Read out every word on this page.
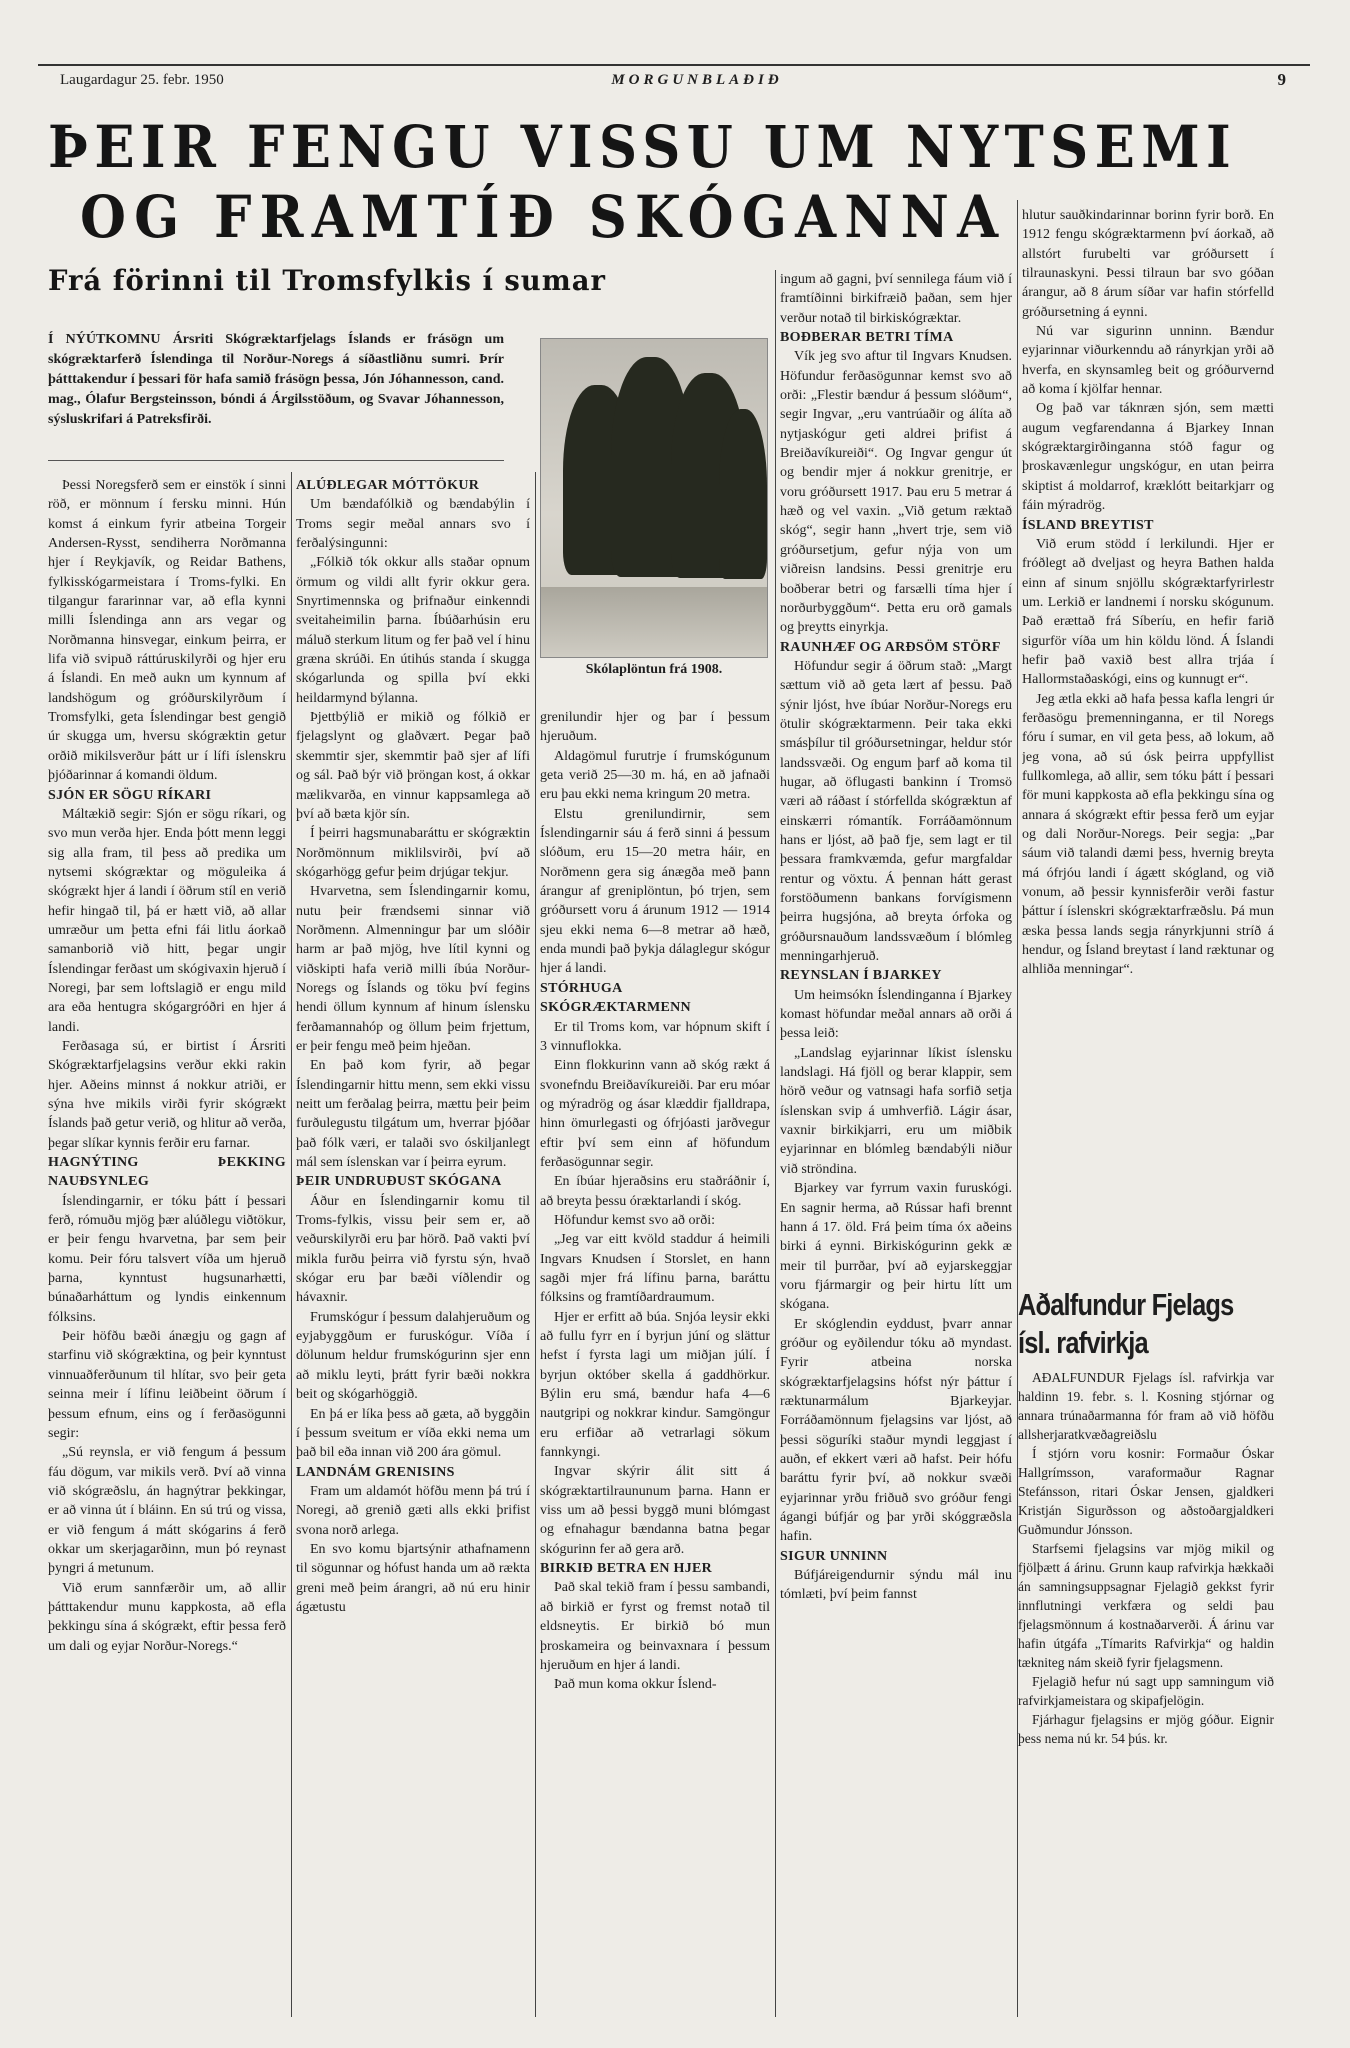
Laugardagur 25. febr. 1950	MORGUNBLAÐIÐ	9
ÞEIR FENGU VISSU UM NYTSEMI
OG FRAMTÍÐ SKÓGANNA
Frá förinni til Tromsfylkis í sumar
Í NÝÚTKOMNU Ársriti Skógræktarfjelags Íslands er frásögn um skógræktarferð Íslendinga til Norður-Noregs á síðastliðnu sumri. Þrír þátttakendur í þessari för hafa samið frásögn þessa, Jón Jóhannesson, cand. mag., Ólafur Bergsteinsson, bóndi á Árgilsstöðum, og Svavar Jóhannesson, sýsluskrifari á Patreksfirði.
Skólaplöntun frá 1908.

Þessi Noregsferð sem er einstök í sinni röð, er mönnum í fersku minni. Hún komst á einkum fyrir atbeina Torgeir Andersen-Rysst, sendiherra Norðmanna hjer í Reykjavík, og Reidar Bathens, fylkisskógarmeistara í Troms-fylki. En tilgangur fararinnar var, að efla kynni milli Íslendinga ann ars vegar og Norðmanna hinsvegar, einkum þeirra, er lifa við svipuð ráttúruskilyrði og hjer eru á Íslandi. En með aukn um kynnum af landshögum og gróðurskilyrðum í Tromsfylki, geta Íslendingar best gengið úr skugga um, hversu skógræktin getur orðið mikilsverður þátt ur í lífi íslenskru þjóðarinnar á komandi öldum.

SJÓN ER SÖGU RÍKARI

Máltækið segir: Sjón er sögu ríkari, og svo mun verða hjer. Enda þótt menn leggi sig alla fram, til þess að predika um nytsemi skógræktar og möguleika á skógrækt hjer á landi í öðrum stíl en verið hefir hingað til, þá er hætt við, að allar umræður um þetta efni fái litlu áorkað samanborið við hitt, þegar ungir Íslendingar ferðast um skógivaxin hjeruð í Noregi, þar sem loftslagið er engu mild ara eða hentugra skógargróðri en hjer á landi.

Ferðasaga sú, er birtist í Ársriti Skógræktarfjelagsins verður ekki rakin hjer. Aðeins minnst á nokkur atriði, er sýna hve mikils virði fyrir skógrækt Íslands það getur verið, og hlitur að verða, þegar slíkar kynnis ferðir eru farnar.

HAGNÝTING ÞEKKING NAUÐSYNLEG

Íslendingarnir, er tóku þátt í þessari ferð, rómuðu mjög þær alúðlegu viðtökur, er þeir fengu hvarvetna, þar sem þeir komu. Þeir fóru talsvert víða um hjeruð þarna, kynntust hugsunarhætti, búnaðarháttum og lyndis einkennum fólksins.

Þeir höfðu bæði ánægju og gagn af starfinu við skógræktina, og þeir kynntust vinnuaðferðunum til hlítar, svo þeir geta seinna meir í lífinu leiðbeint öðrum í þessum efnum, eins og í ferðasögunni segir:

„Sú reynsla, er við fengum á þessum fáu dögum, var mikils verð. Því að vinna við skógræðslu, án hagnýtrar þekkingar, er að vinna út í bláinn. En sú trú og vissa, er við fengum á mátt skógarins á ferð okkar um skerjagarðinn, mun þó reynast þyngri á metunum.

Við erum sannfærðir um, að allir þátttakendur munu kappkosta, að efla þekkingu sína á skógrækt, eftir þessa ferð um dali og eyjar Norður-Noregs.“

ALÚÐLEGAR MÓTTÖKUR

Um bændafólkið og bændabýlin í Troms segir meðal annars svo í ferðalýsingunni:

„Fólkið tók okkur alls staðar opnum örmum og vildi allt fyrir okkur gera. Snyrtimennska og þrifnaður einkenndi sveitaheimilin þarna. Íbúðarhúsin eru máluð sterkum litum og fer það vel í hinu græna skrúði. En útihús standa í skugga skógarlunda og spilla því ekki heildarmynd býlanna.

Þjettbýlið er mikið og fólkið er fjelagslynt og glaðvært. Þegar það skemmtir sjer, skemmtir það sjer af lífi og sál. Það býr við þröngan kost, á okkar mælikvarða, en vinnur kappsamlega að því að bæta kjör sín.

Í þeirri hagsmunabaráttu er skógræktin Norðmönnum miklilsvirði, því að skógarhögg gefur þeim drjúgar tekjur.

Hvarvetna, sem Íslendingarnir komu, nutu þeir frændsemi sinnar við Norðmenn. Almenningur þar um slóðir harm ar það mjög, hve lítil kynni og viðskipti hafa verið milli íbúa Norður-Noregs og Íslands og töku því fegins hendi öllum kynnum af hinum íslensku ferðamannahóp og öllum þeim frjettum, er þeir fengu með þeim hjeðan.

En það kom fyrir, að þegar Íslendingarnir hittu menn, sem ekki vissu neitt um ferðalag þeirra, mættu þeir þeim furðulegustu tilgátum um, hverrar þjóðar það fólk væri, er talaði svo óskiljanlegt mál sem íslenskan var í þeirra eyrum.

ÞEIR UNDRUÐUST SKÓGANA

Áður en Íslendingarnir komu til Troms-fylkis, vissu þeir sem er, að veðurskilyrði eru þar hörð. Það vakti því mikla furðu þeirra við fyrstu sýn, hvað skógar eru þar bæði víðlendir og hávaxnir.

Frumskógur í þessum dalahjeruðum og eyjabyggðum er furuskógur. Víða í dölunum heldur frumskógurinn sjer enn að miklu leyti, þrátt fyrir bæði nokkra beit og skógarhöggið.

En þá er líka þess að gæta, að byggðin í þessum sveitum er víða ekki nema um það bil eða innan við 200 ára gömul.

LANDNÁM GRENISINS

Fram um aldamót höfðu menn þá trú í Noregi, að grenið gæti alls ekki þrifist svona norð arlega.

En svo komu bjartsýnir athafnamenn til sögunnar og hófust handa um að rækta greni með þeim árangri, að nú eru hinir ágætustu

grenilundir hjer og þar í þessum hjeruðum.

Aldagömul furutrje í frumskógunum geta verið 25—30 m. há, en að jafnaði eru þau ekki nema kringum 20 metra.

Elstu grenilundirnir, sem Íslendingarnir sáu á ferð sinni á þessum slóðum, eru 15—20 metra háir, en Norðmenn gera sig ánægða með þann árangur af greniplöntun, þó trjen, sem gróðursett voru á árunum 1912 — 1914 sjeu ekki nema 6—8 metrar að hæð, enda mundi það þykja dálaglegur skógur hjer á landi.

STÓRHUGA SKÓGRÆKTARMENN

Er til Troms kom, var hópnum skift í 3 vinnuflokka.

Einn flokkurinn vann að skóg rækt á svonefndu Breiðavíkureiði. Þar eru móar og mýradrög og ásar klæddir fjalldrapa, hinn ömurlegasti og ófrjóasti jarðvegur eftir því sem einn af höfundum ferðasögunnar segir.

En íbúar hjeraðsins eru staðráðnir í, að breyta þessu óræktarlandi í skóg.

Höfundur kemst svo að orði:

„Jeg var eitt kvöld staddur á heimili Ingvars Knudsen í Storslet, en hann sagði mjer frá lífinu þarna, baráttu fólksins og framtíðardraumum.

Hjer er erfitt að búa. Snjóa leysir ekki að fullu fyrr en í byrjun júní og slättur hefst í fyrsta lagi um miðjan júlí. Í byrjun október skella á gaddhörkur. Býlin eru smá, bændur hafa 4—6 nautgripi og nokkrar kindur. Samgöngur eru erfiðar að vetrarlagi sökum fannkyngi.

Ingvar skýrir álit sitt á skógræktartilraununum þarna. Hann er viss um að þessi byggð muni blómgast og efnahagur bændanna batna þegar skógurinn fer að gera arð.

BIRKIÐ BETRA EN HJER

Það skal tekið fram í þessu sambandi, að birkið er fyrst og fremst notað til eldsneytis. Er birkið bó mun þroskameira og beinvaxnara í þessum hjeruðum en hjer á landi.

Það mun koma okkur Íslend-

ingum að gagni, því sennilega fáum við í framtíðinni birkifræið þaðan, sem hjer verður notað til birkiskógræktar.

BOÐBERAR BETRI TÍMA

Vík jeg svo aftur til Ingvars Knudsen. Höfundur ferðasögunnar kemst svo að orði: „Flestir bændur á þessum slóðum“, segir Ingvar, „eru vantrúaðir og álíta að nytjaskógur geti aldrei þrifist á Breiðavíkureiði“. Og Ingvar gengur út og bendir mjer á nokkur grenitrje, er voru gróðursett 1917. Þau eru 5 metrar á hæð og vel vaxin. „Við getum ræktað skóg“, segir hann „hvert trje, sem við gróðursetjum, gefur nýja von um viðreisn landsins. Þessi grenitrje eru boðberar betri og farsælli tíma hjer í norðurbyggðum“. Þetta eru orð gamals og þreytts einyrkja.

RAUNHÆF OG ARÐSÖM STÖRF

Höfundur segir á öðrum stað: „Margt sættum við að geta lært af þessu. Það sýnir ljóst, hve íbúar Norður-Noregs eru ötulir skógræktarmenn. Þeir taka ekki smásþílur til gróðursetningar, heldur stór landssvæði. Og engum þarf að koma til hugar, að öflugasti bankinn í Tromsö væri að ráðast í stórfellda skógræktun af einskærri rómantík. Forráðamönnum hans er ljóst, að það fje, sem lagt er til þessara framkvæmda, gefur margfaldar rentur og vöxtu. Á þennan hátt gerast forstöðumenn bankans forvígismenn þeirra hugsjóna, að breyta órfoka og gróðursnauðum landssvæðum í blómleg menningarhjeruð.

REYNSLAN Í BJARKEY

Um heimsókn Íslendinganna í Bjarkey komast höfundar meðal annars að orði á þessa leið:

„Landslag eyjarinnar líkist íslensku landslagi. Há fjöll og berar klappir, sem hörð veður og vatnsagi hafa sorfið setja íslenskan svip á umhverfið. Lágir ásar, vaxnir birkikjarri, eru um miðbik eyjarinnar en blómleg bændabýli niður við ströndina.

Bjarkey var fyrrum vaxin furuskógi. En sagnir herma, að Rússar hafi brennt hann á 17. öld. Frá þeim tíma óx aðeins birki á eynni. Birkiskógurinn gekk æ meir til þurrðar, því að eyjarskeggjar voru fjármargir og þeir hirtu lítt um skógana.

Er skóglendin eyddust, þvarr annar gróður og eyðilendur tóku að myndast. Fyrir atbeina norska skógræktarfjelagsins hófst nýr þáttur í ræktunarmálum Bjarkeyjar. Forráðamönnum fjelagsins var ljóst, að þessi söguríki staður myndi leggjast í auðn, ef ekkert væri að hafst. Þeir hófu baráttu fyrir því, að nokkur svæði eyjarinnar yrðu friðuð svo gróður fengi ágangi búfjár og þar yrði skóggræðsla hafin.

SIGUR UNNINN

Búfjáreigendurnir sýndu mál inu tómlæti, því þeim fannst

hlutur sauðkindarinnar borinn fyrir borð. En 1912 fengu skógræktarmenn því áorkað, að allstórt furubelti var gróðursett í tilraunaskyni. Þessi tilraun bar svo góðan árangur, að 8 árum síðar var hafin stórfelld gróðursetning á eynni.

Nú var sigurinn unninn. Bændur eyjarinnar viðurkenndu að rányrkjan yrði að hverfa, en skynsamleg beit og gróðurvernd að koma í kjölfar hennar.

Og það var táknræn sjón, sem mætti augum vegfarendanna á Bjarkey Innan skógræktargirðinganna stóð fagur og þroskavænlegur ungskógur, en utan þeirra skiptist á moldarrof, kræklótt beitarkjarr og fáin mýradrög.

ÍSLAND BREYTIST

Við erum stödd í lerkilundi. Hjer er fróðlegt að dveljast og heyra Bathen halda einn af sinum snjöllu skógræktarfyrirlestr um. Lerkið er landnemi í norsku skógunum. Það erættað frá Síberíu, en hefir farið sigurför víða um hin köldu lönd. Á Íslandi hefir það vaxið best allra trjáa í Hallormstaðaskógi, eins og kunnugt er“.

Jeg ætla ekki að hafa þessa kafla lengri úr ferðasögu þremenninganna, er til Noregs fóru í sumar, en vil geta þess, að lokum, að jeg vona, að sú ósk þeirra uppfyllist fullkomlega, að allir, sem tóku þátt í þessari för muni kappkosta að efla þekkingu sína og annara á skógrækt eftir þessa ferð um eyjar og dali Norður-Noregs. Þeir segja: „Þar sáum við talandi dæmi þess, hvernig breyta má ófrjóu landi í ágætt skógland, og við vonum, að þessir kynnisferðir verði fastur þáttur í íslenskri skógræktarfræðslu. Þá mun æska þessa lands segja rányrkjunni stríð á hendur, og Ísland breytast í land ræktunar og alhliða menningar“.

Aðalfundur Fjelags
ísl. rafvirkja

AÐALFUNDUR Fjelags ísl. rafvirkja var haldinn 19. febr. s. l. Kosning stjórnar og annara trúnaðarmanna fór fram að við höfðu allsherjaratkvæðagreiðslu

Í stjórn voru kosnir: Formaður Óskar Hallgrímsson, varaformaður Ragnar Stefánsson, ritari Óskar Jensen, gjaldkeri Kristján Sigurðsson og aðstoðargjaldkeri Guðmundur Jónsson.

Starfsemi fjelagsins var mjög mikil og fjölþætt á árinu. Grunn kaup rafvirkja hækkaði án samningsuppsagnar Fjelagið gekkst fyrir innflutningi verkfæra og seldi þau fjelagsmönnum á kostnaðarverði. Á árinu var hafin útgáfa „Tímarits Rafvirkja“ og haldin tækniteg nám skeið fyrir fjelagsmenn.

Fjelagið hefur nú sagt upp samningum við rafvirkjameistara og skipafjelögin.

Fjárhagur fjelagsins er mjög góður. Eignir þess nema nú kr. 54 þús. kr.
